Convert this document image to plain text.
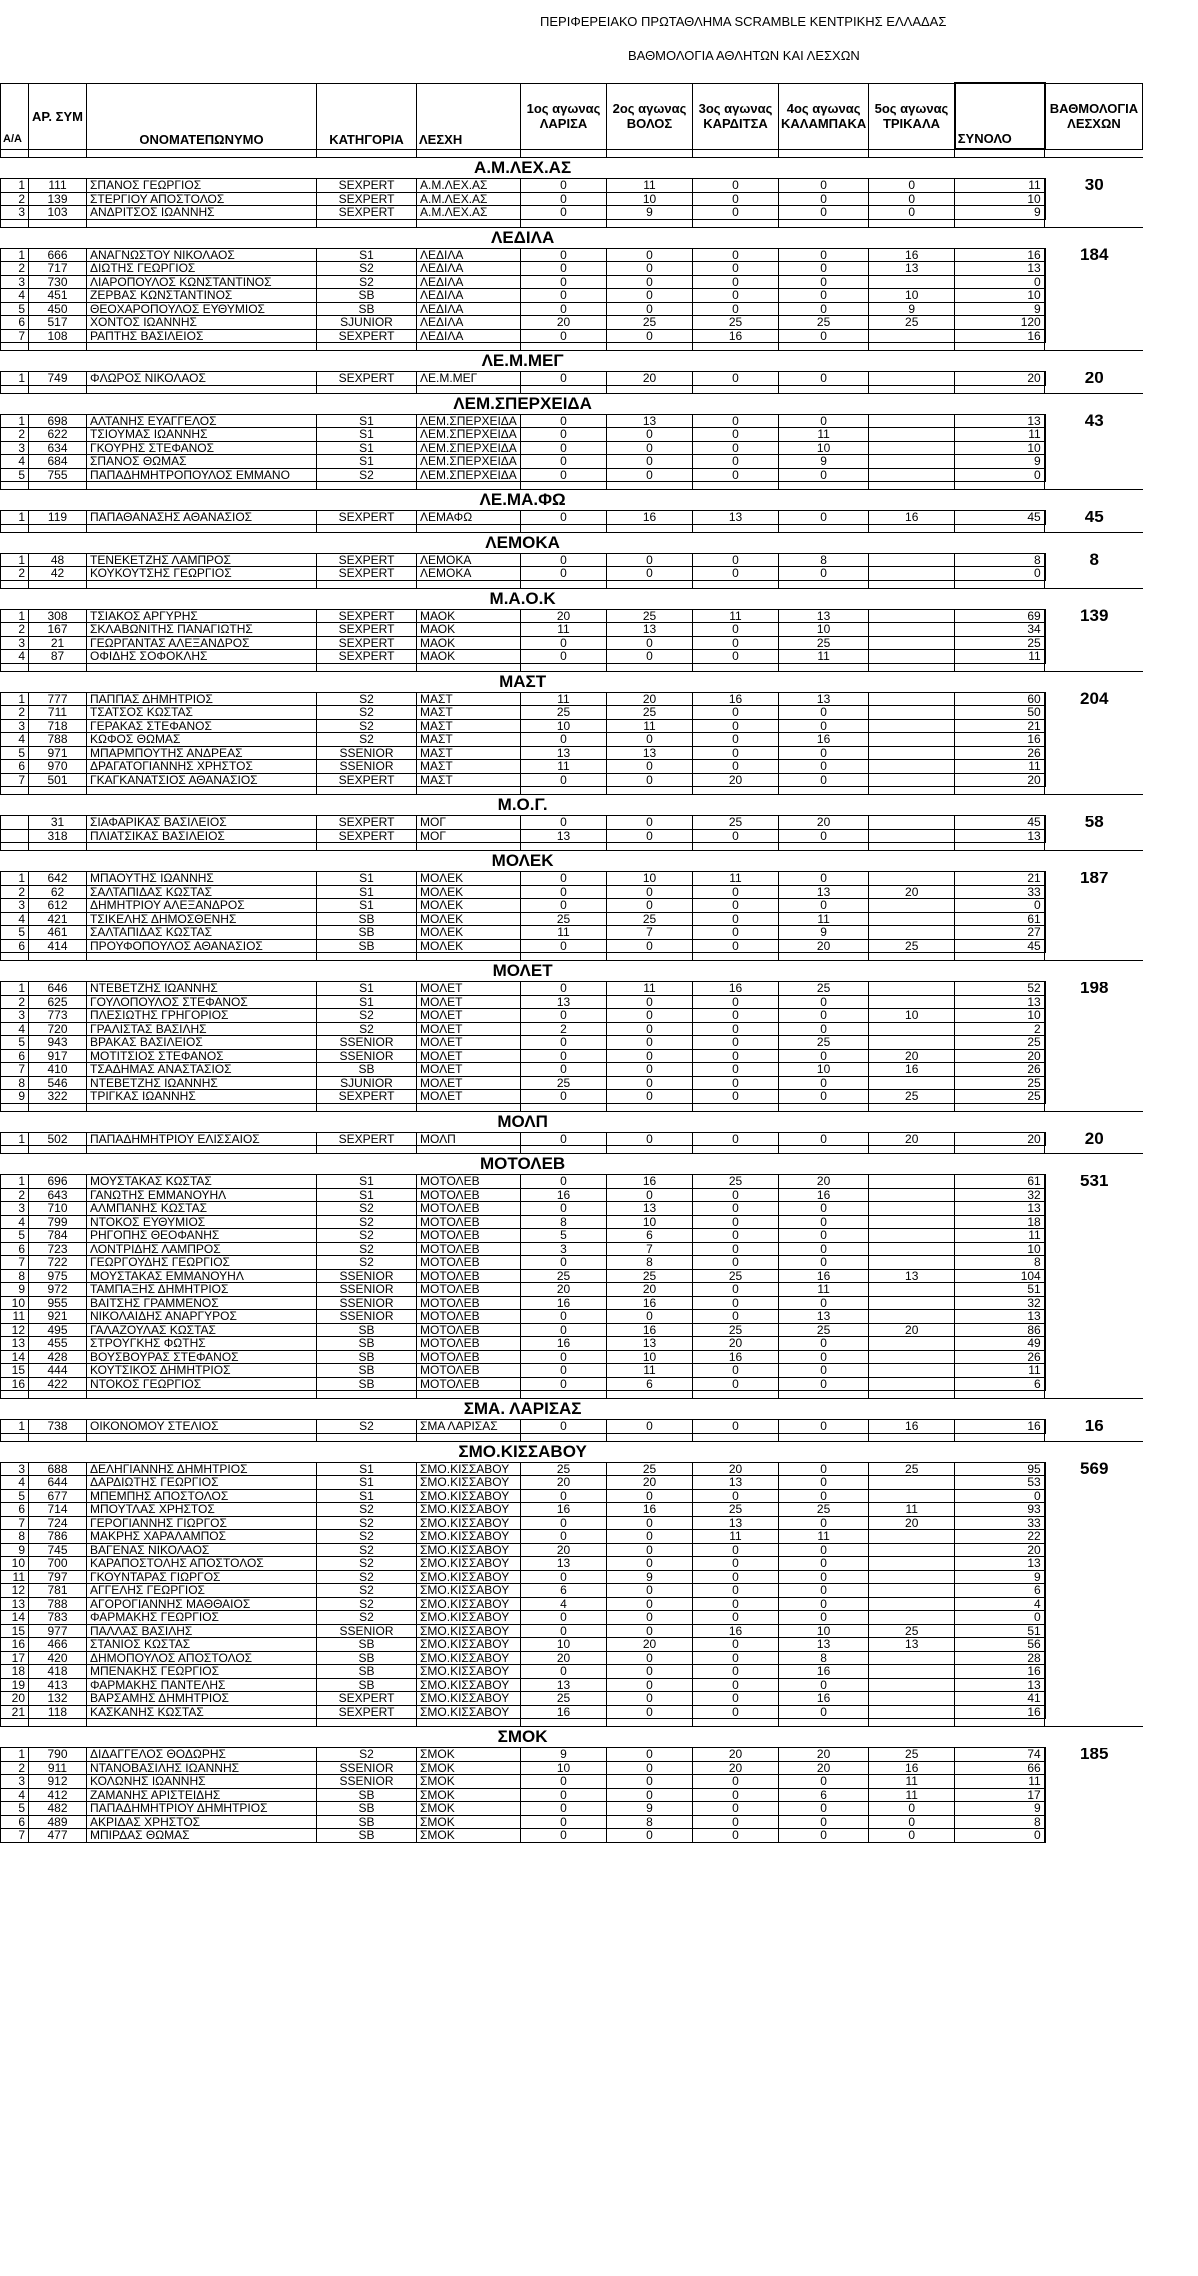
ΠΕΡΙΦΕΡΕΙΑΚΟ ΠΡΩΤΑΘΛΗΜΑ SCRAMBLE ΚΕΝΤΡΙΚΗΣ ΕΛΛΑΔΑΣ
ΒΑΘΜΟΛΟΓΙΑ ΑΘΛΗΤΩΝ ΚΑΙ ΛΕΣΧΩΝ
Α/Α	ΑΡ. ΣΥΜ	ΟΝΟΜΑΤΕΠΩΝΥΜΟ	ΚΑΤΗΓΟΡΙΑ	ΛΕΣΧΗ	1ος αγωνας ΛΑΡΙΣΑ	2ος αγωνας ΒΟΛΟΣ	3ος αγωνας ΚΑΡΔΙΤΣΑ	4ος αγωνας ΚΑΛΑΜΠΑΚΑ	5ος αγωνας ΤΡΙΚΑΛΑ	ΣΥΝΟΛΟ	ΒΑΘΜΟΛΟΓΙΑ ΛΕΣΧΩΝ

Α.Μ.ΛΕΧ.ΑΣ											
1	111	ΣΠΑΝΟΣ ΓΕΩΡΓΙΟΣ	SEXPERT	Α.Μ.ΛΕΧ.ΑΣ	0	11	0	0	0	11	30
2	139	ΣΤΕΡΓΙΟΥ ΑΠΟΣΤΟΛΟΣ	SEXPERT	Α.Μ.ΛΕΧ.ΑΣ	0	10	0	0	0	10	
3	103	ΑΝΔΡΙΤΣΟΣ ΙΩΑΝΝΗΣ	SEXPERT	Α.Μ.ΛΕΧ.ΑΣ	0	9	0	0	0	9	

ΛΕΔΙΛΑ											
1	666	ΑΝΑΓΝΩΣΤΟΥ ΝΙΚΟΛΑΟΣ	S1	ΛΕΔΙΛΑ	0	0	0	0	16	16	184
2	717	ΔΙΩΤΗΣ ΓΕΩΡΓΙΟΣ	S2	ΛΕΔΙΛΑ	0	0	0	0	13	13	
3	730	ΛΙΑΡΟΠΟΥΛΟΣ ΚΩΝΣΤΑΝΤΙΝΟΣ	S2	ΛΕΔΙΛΑ	0	0	0	0		0	
4	451	ΖΕΡΒΑΣ ΚΩΝΣΤΑΝΤΙΝΟΣ	SB	ΛΕΔΙΛΑ	0	0	0	0	10	10	
5	450	ΘΕΟΧΑΡΟΠΟΥΛΟΣ ΕΥΘΥΜΙΟΣ	SB	ΛΕΔΙΛΑ	0	0	0	0	9	9	
6	517	ΧΟΝΤΟΣ ΙΩΑΝΝΗΣ	SJUNIOR	ΛΕΔΙΛΑ	20	25	25	25	25	120	
7	108	ΡΑΠΤΗΣ ΒΑΣΙΛΕΙΟΣ	SEXPERT	ΛΕΔΙΛΑ	0	0	16	0		16	

ΛΕ.Μ.ΜΕΓ											
1	749	ΦΛΩΡΟΣ ΝΙΚΟΛΑΟΣ	SEXPERT	ΛΕ.Μ.ΜΕΓ	0	20	0	0		20	20

ΛΕΜ.ΣΠΕΡΧΕΙΔΑ											
1	698	ΑΛΤΑΝΗΣ ΕΥΑΓΓΕΛΟΣ	S1	ΛΕΜ.ΣΠΕΡΧΕΙΔΑ	0	13	0	0		13	43
2	622	ΤΣΙΟΥΜΑΣ ΙΩΑΝΝΗΣ	S1	ΛΕΜ.ΣΠΕΡΧΕΙΔΑ	0	0	0	11		11	
3	634	ΓΚΟΥΡΗΣ ΣΤΕΦΑΝΟΣ	S1	ΛΕΜ.ΣΠΕΡΧΕΙΔΑ	0	0	0	10		10	
4	684	ΣΠΑΝΟΣ ΘΩΜΑΣ	S1	ΛΕΜ.ΣΠΕΡΧΕΙΔΑ	0	0	0	9		9	
5	755	ΠΑΠΑΔΗΜΗΤΡΟΠΟΥΛΟΣ ΕΜΜΑΝΟ	S2	ΛΕΜ.ΣΠΕΡΧΕΙΔΑ	0	0	0	0		0	

ΛΕ.ΜΑ.ΦΩ											
1	119	ΠΑΠΑΘΑΝΑΣΗΣ ΑΘΑΝΑΣΙΟΣ	SEXPERT	ΛΕΜΑΦΩ	0	16	13	0	16	45	45

ΛΕΜΟΚΑ											
1	48	ΤΕΝΕΚΕΤΖΗΣ ΛΑΜΠΡΟΣ	SEXPERT	ΛΕΜΟΚΑ	0	0	0	8		8	8
2	42	ΚΟΥΚΟΥΤΣΗΣ ΓΕΩΡΓΙΟΣ	SEXPERT	ΛΕΜΟΚΑ	0	0	0	0		0	

Μ.Α.Ο.Κ											
1	308	ΤΣΙΑΚΟΣ ΑΡΓΥΡΗΣ	SEXPERT	ΜΑΟΚ	20	25	11	13		69	139
2	167	ΣΚΛΑΒΩΝΙΤΗΣ ΠΑΝΑΓΙΩΤΗΣ	SEXPERT	ΜΑΟΚ	11	13	0	10		34	
3	21	ΓΕΩΡΓΑΝΤΑΣ ΑΛΕΞΑΝΔΡΟΣ	SEXPERT	ΜΑΟΚ	0	0	0	25		25	
4	87	ΟΦΙΔΗΣ ΣΟΦΟΚΛΗΣ	SEXPERT	ΜΑΟΚ	0	0	0	11		11	

ΜΑΣΤ											
1	777	ΠΑΠΠΑΣ ΔΗΜΗΤΡΙΟΣ	S2	ΜΑΣΤ	11	20	16	13		60	204
2	711	ΤΣΑΤΣΟΣ ΚΩΣΤΑΣ	S2	ΜΑΣΤ	25	25	0	0		50	
3	718	ΓΕΡΑΚΑΣ ΣΤΕΦΑΝΟΣ	S2	ΜΑΣΤ	10	11	0	0		21	
4	788	ΚΩΦΟΣ ΘΩΜΑΣ	S2	ΜΑΣΤ	0	0	0	16		16	
5	971	ΜΠΑΡΜΠΟΥΤΗΣ ΑΝΔΡΕΑΣ	SSENIOR	ΜΑΣΤ	13	13	0	0		26	
6	970	ΔΡΑΓΑΤΟΓΙΑΝΝΗΣ ΧΡΗΣΤΟΣ	SSENIOR	ΜΑΣΤ	11	0	0	0		11	
7	501	ΓΚΑΓΚΑΝΑΤΣΙΟΣ ΑΘΑΝΑΣΙΟΣ	SEXPERT	ΜΑΣΤ	0	0	20	0		20	

Μ.Ο.Γ.											
	31	ΣΙΑΦΑΡΙΚΑΣ ΒΑΣΙΛΕΙΟΣ	SEXPERT	ΜΟΓ	0	0	25	20		45	58
	318	ΠΛΙΑΤΣΙΚΑΣ ΒΑΣΙΛΕΙΟΣ	SEXPERT	ΜΟΓ	13	0	0	0		13	

ΜΟΛΕΚ											
1	642	ΜΠΑΟΥΤΗΣ ΙΩΑΝΝΗΣ	S1	ΜΟΛΕΚ	0	10	11	0		21	187
2	62	ΣΑΛΤΑΠΙΔΑΣ ΚΩΣΤΑΣ	S1	ΜΟΛΕΚ	0	0	0	13	20	33	
3	612	ΔΗΜΗΤΡΙΟΥ ΑΛΕΞΑΝΔΡΟΣ	S1	ΜΟΛΕΚ	0	0	0	0		0	
4	421	ΤΣΙΚΕΛΗΣ ΔΗΜΟΣΘΕΝΗΣ	SB	ΜΟΛΕΚ	25	25	0	11		61	
5	461	ΣΑΛΤΑΠΙΔΑΣ ΚΩΣΤΑΣ	SB	ΜΟΛΕΚ	11	7	0	9		27	
6	414	ΠΡΟΥΦΟΠΟΥΛΟΣ ΑΘΑΝΑΣΙΟΣ	SB	ΜΟΛΕΚ	0	0	0	20	25	45	

ΜΟΛΕΤ											
1	646	ΝΤΕΒΕΤΖΗΣ ΙΩΑΝΝΗΣ	S1	ΜΟΛΕΤ	0	11	16	25		52	198
2	625	ΓΟΥΛΟΠΟΥΛΟΣ ΣΤΕΦΑΝΟΣ	S1	ΜΟΛΕΤ	13	0	0	0		13	
3	773	ΠΛΕΣΙΩΤΗΣ ΓΡΗΓΟΡΙΟΣ	S2	ΜΟΛΕΤ	0	0	0	0	10	10	
4	720	ΓΡΑΛΙΣΤΑΣ ΒΑΣΙΛΗΣ	S2	ΜΟΛΕΤ	2	0	0	0		2	
5	943	ΒΡΑΚΑΣ ΒΑΣΙΛΕΙΟΣ	SSENIOR	ΜΟΛΕΤ	0	0	0	25		25	
6	917	ΜΟΤΙΤΣΙΟΣ ΣΤΕΦΑΝΟΣ	SSENIOR	ΜΟΛΕΤ	0	0	0	0	20	20	
7	410	ΤΣΑΔΗΜΑΣ ΑΝΑΣΤΑΣΙΟΣ	SB	ΜΟΛΕΤ	0	0	0	10	16	26	
8	546	ΝΤΕΒΕΤΖΗΣ ΙΩΑΝΝΗΣ	SJUNIOR	ΜΟΛΕΤ	25	0	0	0		25	
9	322	ΤΡΙΓΚΑΣ ΙΩΑΝΝΗΣ	SEXPERT	ΜΟΛΕΤ	0	0	0	0	25	25	

ΜΟΛΠ											
1	502	ΠΑΠΑΔΗΜΗΤΡΙΟΥ ΕΛΙΣΣΑΙΟΣ	SEXPERT	ΜΟΛΠ	0	0	0	0	20	20	20

ΜΟΤΟΛΕΒ											
1	696	ΜΟΥΣΤΑΚΑΣ ΚΩΣΤΑΣ	S1	ΜΟΤΟΛΕΒ	0	16	25	20		61	531
2	643	ΓΑΝΩΤΗΣ ΕΜΜΑΝΟΥΗΛ	S1	ΜΟΤΟΛΕΒ	16	0	0	16		32	
3	710	ΑΛΜΠΑΝΗΣ ΚΩΣΤΑΣ	S2	ΜΟΤΟΛΕΒ	0	13	0	0		13	
4	799	ΝΤΟΚΟΣ ΕΥΘΥΜΙΟΣ	S2	ΜΟΤΟΛΕΒ	8	10	0	0		18	
5	784	ΡΗΓΟΠΗΣ ΘΕΟΦΑΝΗΣ	S2	ΜΟΤΟΛΕΒ	5	6	0	0		11	
6	723	ΛΟΝΤΡΙΔΗΣ ΛΑΜΠΡΟΣ	S2	ΜΟΤΟΛΕΒ	3	7	0	0		10	
7	722	ΓΕΩΡΓΟΥΔΗΣ ΓΕΩΡΓΙΟΣ	S2	ΜΟΤΟΛΕΒ	0	8	0	0		8	
8	975	ΜΟΥΣΤΑΚΑΣ ΕΜΜΑΝΟΥΗΛ	SSENIOR	ΜΟΤΟΛΕΒ	25	25	25	16	13	104	
9	972	ΤΑΜΠΑΞΗΣ ΔΗΜΗΤΡΙΟΣ	SSENIOR	ΜΟΤΟΛΕΒ	20	20	0	11		51	
10	955	ΒΑΙΤΣΗΣ ΓΡΑΜΜΕΝΟΣ	SSENIOR	ΜΟΤΟΛΕΒ	16	16	0	0		32	
11	921	ΝΙΚΟΛΑΙΔΗΣ ΑΝΑΡΓΥΡΟΣ	SSENIOR	ΜΟΤΟΛΕΒ	0	0	0	13		13	
12	495	ΓΑΛΑΖΟΥΛΑΣ ΚΩΣΤΑΣ	SB	ΜΟΤΟΛΕΒ	0	16	25	25	20	86	
13	455	ΣΤΡΟΥΓΚΗΣ ΦΩΤΗΣ	SB	ΜΟΤΟΛΕΒ	16	13	20	0		49	
14	428	ΒΟΥΣΒΟΥΡΑΣ ΣΤΕΦΑΝΟΣ	SB	ΜΟΤΟΛΕΒ	0	10	16	0		26	
15	444	ΚΟΥΤΣΙΚΟΣ ΔΗΜΗΤΡΙΟΣ	SB	ΜΟΤΟΛΕΒ	0	11	0	0		11	
16	422	ΝΤΟΚΟΣ ΓΕΩΡΓΙΟΣ	SB	ΜΟΤΟΛΕΒ	0	6	0	0		6	

ΣΜΑ. ΛΑΡΙΣΑΣ											
1	738	ΟΙΚΟΝΟΜΟΥ ΣΤΕΛΙΟΣ	S2	ΣΜΑ ΛΑΡΙΣΑΣ	0	0	0	0	16	16	16

ΣΜΟ.ΚΙΣΣΑΒΟΥ											
3	688	ΔΕΛΗΓΙΑΝΝΗΣ ΔΗΜΗΤΡΙΟΣ	S1	ΣΜΟ.ΚΙΣΣΑΒΟΥ	25	25	20	0	25	95	569
4	644	ΔΑΡΔΙΩΤΗΣ ΓΕΩΡΓΙΟΣ	S1	ΣΜΟ.ΚΙΣΣΑΒΟΥ	20	20	13	0		53	
5	677	ΜΠΕΜΠΗΣ ΑΠΟΣΤΟΛΟΣ	S1	ΣΜΟ.ΚΙΣΣΑΒΟΥ	0	0	0	0		0	
6	714	ΜΠΟΥΤΛΑΣ ΧΡΗΣΤΟΣ	S2	ΣΜΟ.ΚΙΣΣΑΒΟΥ	16	16	25	25	11	93	
7	724	ΓΕΡΟΓΙΑΝΝΗΣ ΓΙΩΡΓΟΣ	S2	ΣΜΟ.ΚΙΣΣΑΒΟΥ	0	0	13	0	20	33	
8	786	ΜΑΚΡΗΣ ΧΑΡΑΛΑΜΠΟΣ	S2	ΣΜΟ.ΚΙΣΣΑΒΟΥ	0	0	11	11		22	
9	745	ΒΑΓΕΝΑΣ ΝΙΚΟΛΑΟΣ	S2	ΣΜΟ.ΚΙΣΣΑΒΟΥ	20	0	0	0		20	
10	700	ΚΑΡΑΠΟΣΤΟΛΗΣ ΑΠΟΣΤΟΛΟΣ	S2	ΣΜΟ.ΚΙΣΣΑΒΟΥ	13	0	0	0		13	
11	797	ΓΚΟΥΝΤΑΡΑΣ ΓΙΩΡΓΟΣ	S2	ΣΜΟ.ΚΙΣΣΑΒΟΥ	0	9	0	0		9	
12	781	ΑΓΓΕΛΗΣ ΓΕΩΡΓΙΟΣ	S2	ΣΜΟ.ΚΙΣΣΑΒΟΥ	6	0	0	0		6	
13	788	ΑΓΟΡΟΓΙΑΝΝΗΣ ΜΑΘΘΑΙΟΣ	S2	ΣΜΟ.ΚΙΣΣΑΒΟΥ	4	0	0	0		4	
14	783	ΦΑΡΜΑΚΗΣ ΓΕΩΡΓΙΟΣ	S2	ΣΜΟ.ΚΙΣΣΑΒΟΥ	0	0	0	0		0	
15	977	ΠΑΛΛΑΣ ΒΑΣΙΛΗΣ	SSENIOR	ΣΜΟ.ΚΙΣΣΑΒΟΥ	0	0	16	10	25	51	
16	466	ΣΤΑΝΙΟΣ ΚΩΣΤΑΣ	SB	ΣΜΟ.ΚΙΣΣΑΒΟΥ	10	20	0	13	13	56	
17	420	ΔΗΜΟΠΟΥΛΟΣ ΑΠΟΣΤΟΛΟΣ	SB	ΣΜΟ.ΚΙΣΣΑΒΟΥ	20	0	0	8		28	
18	418	ΜΠΕΝΑΚΗΣ ΓΕΩΡΓΙΟΣ	SB	ΣΜΟ.ΚΙΣΣΑΒΟΥ	0	0	0	16		16	
19	413	ΦΑΡΜΑΚΗΣ ΠΑΝΤΕΛΗΣ	SB	ΣΜΟ.ΚΙΣΣΑΒΟΥ	13	0	0	0		13	
20	132	ΒΑΡΣΑΜΗΣ ΔΗΜΗΤΡΙΟΣ	SEXPERT	ΣΜΟ.ΚΙΣΣΑΒΟΥ	25	0	0	16		41	
21	118	ΚΑΣΚΑΝΗΣ ΚΩΣΤΑΣ	SEXPERT	ΣΜΟ.ΚΙΣΣΑΒΟΥ	16	0	0	0		16	

ΣΜΟΚ											
1	790	ΔΙΔΑΓΓΕΛΟΣ ΘΟΔΩΡΗΣ	S2	ΣΜΟΚ	9	0	20	20	25	74	185
2	911	ΝΤΑΝΟΒΑΣΙΛΗΣ ΙΩΑΝΝΗΣ	SSENIOR	ΣΜΟΚ	10	0	20	20	16	66	
3	912	ΚΟΛΩΝΗΣ ΙΩΑΝΝΗΣ	SSENIOR	ΣΜΟΚ	0	0	0	0	11	11	
4	412	ΖΑΜΑΝΗΣ ΑΡΙΣΤΕΙΔΗΣ	SB	ΣΜΟΚ	0	0	0	6	11	17	
5	482	ΠΑΠΑΔΗΜΗΤΡΙΟΥ ΔΗΜΗΤΡΙΟΣ	SB	ΣΜΟΚ	0	9	0	0	0	9	
6	489	ΑΚΡΙΔΑΣ ΧΡΗΣΤΟΣ	SB	ΣΜΟΚ	0	8	0	0	0	8	
7	477	ΜΠΙΡΔΑΣ ΘΩΜΑΣ	SB	ΣΜΟΚ	0	0	0	0	0	0	
